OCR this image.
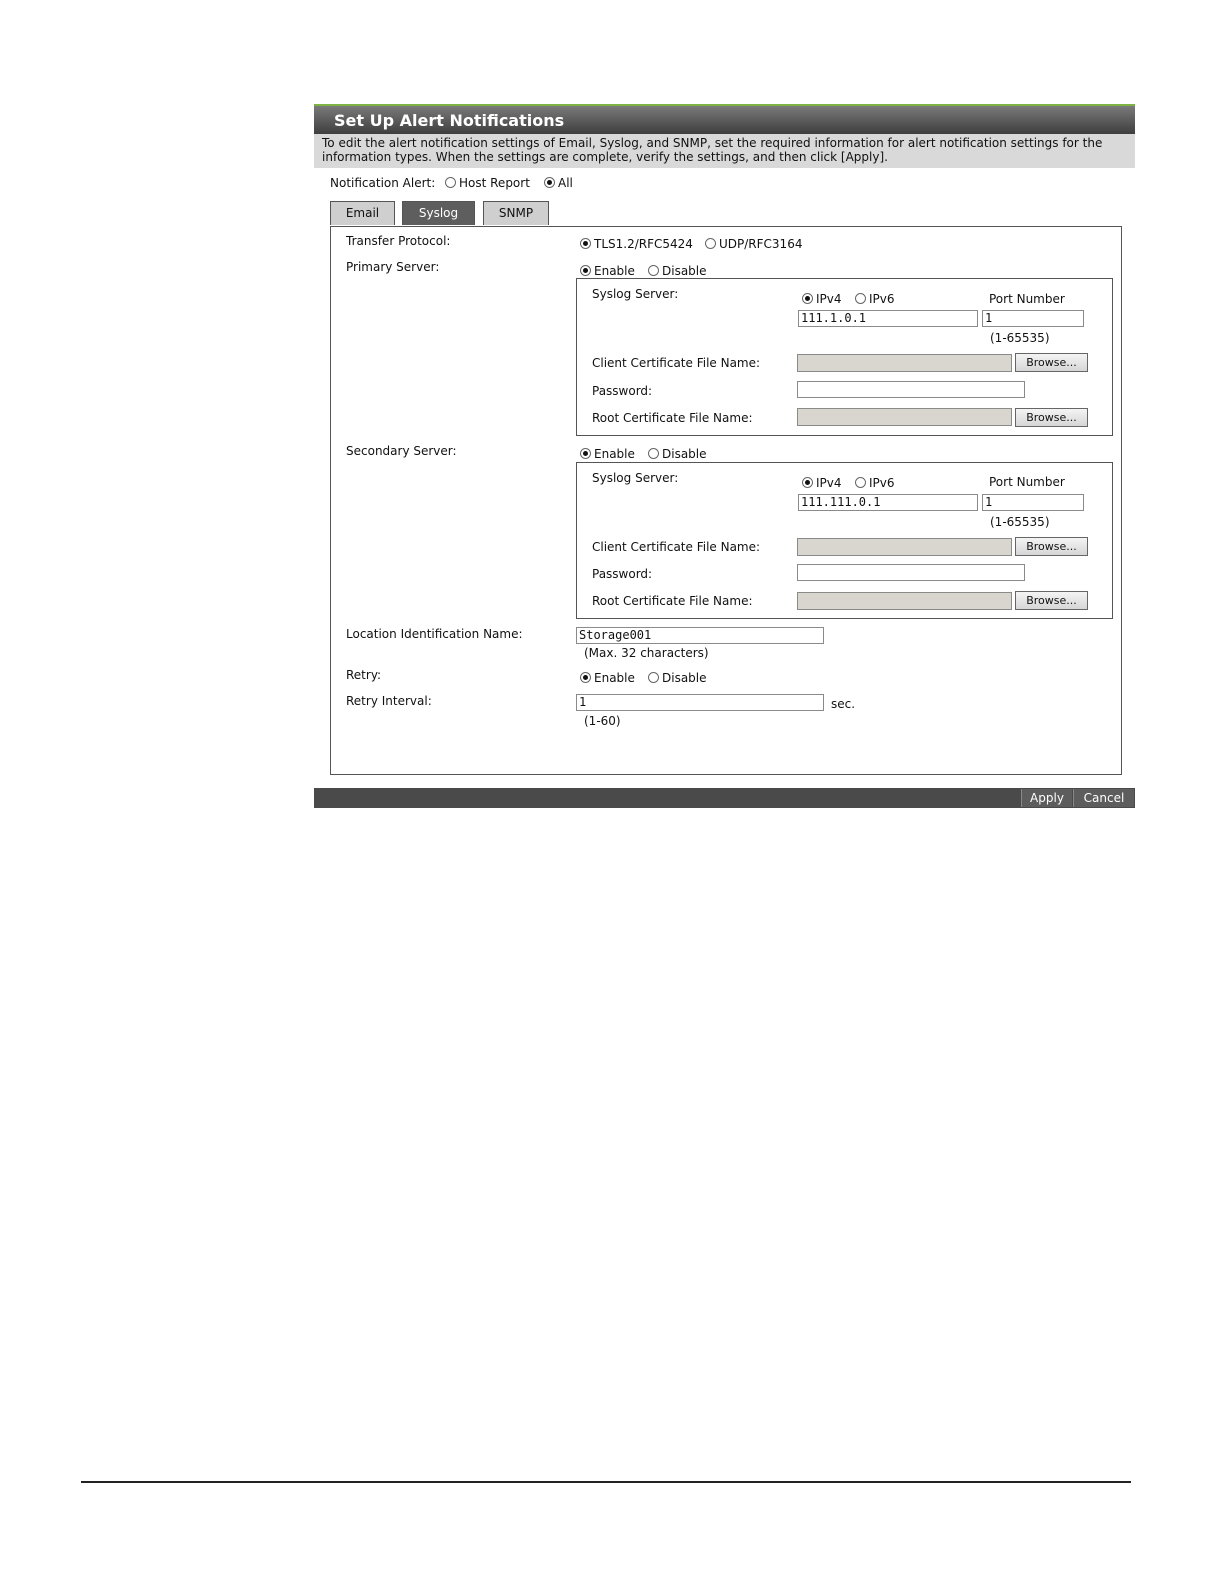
Set Up Alert Notifications
To edit the alert notification settings of Email, Syslog, and SNMP, set the required information for alert notification settings for the
information types. When the settings are complete, verify the settings, and then click [Apply].
Notification Alert:	Host Report	All
Email	Syslog	SNMP
Transfer Protocol:	TLS1.2/RFC5424	UDP/RFC3164
Primary Server:	Enable	Disable
Syslog Server:	IPv4	IPv6	Port Number
111.1.0.1	1
(1-65535)
Client Certificate File Name:	Browse...
Password:
Root Certificate File Name:	Browse...
Secondary Server:	Enable	Disable
Syslog Server:	IPv4	IPv6	Port Number
111.111.0.1	1
(1-65535)
Client Certificate File Name:	Browse...
Password:
Root Certificate File Name:	Browse...
Location Identification Name:	Storage001
(Max. 32 characters)
Retry:	Enable	Disable
Retry Interval:	1	sec.
(1-60)
Apply	Cancel
